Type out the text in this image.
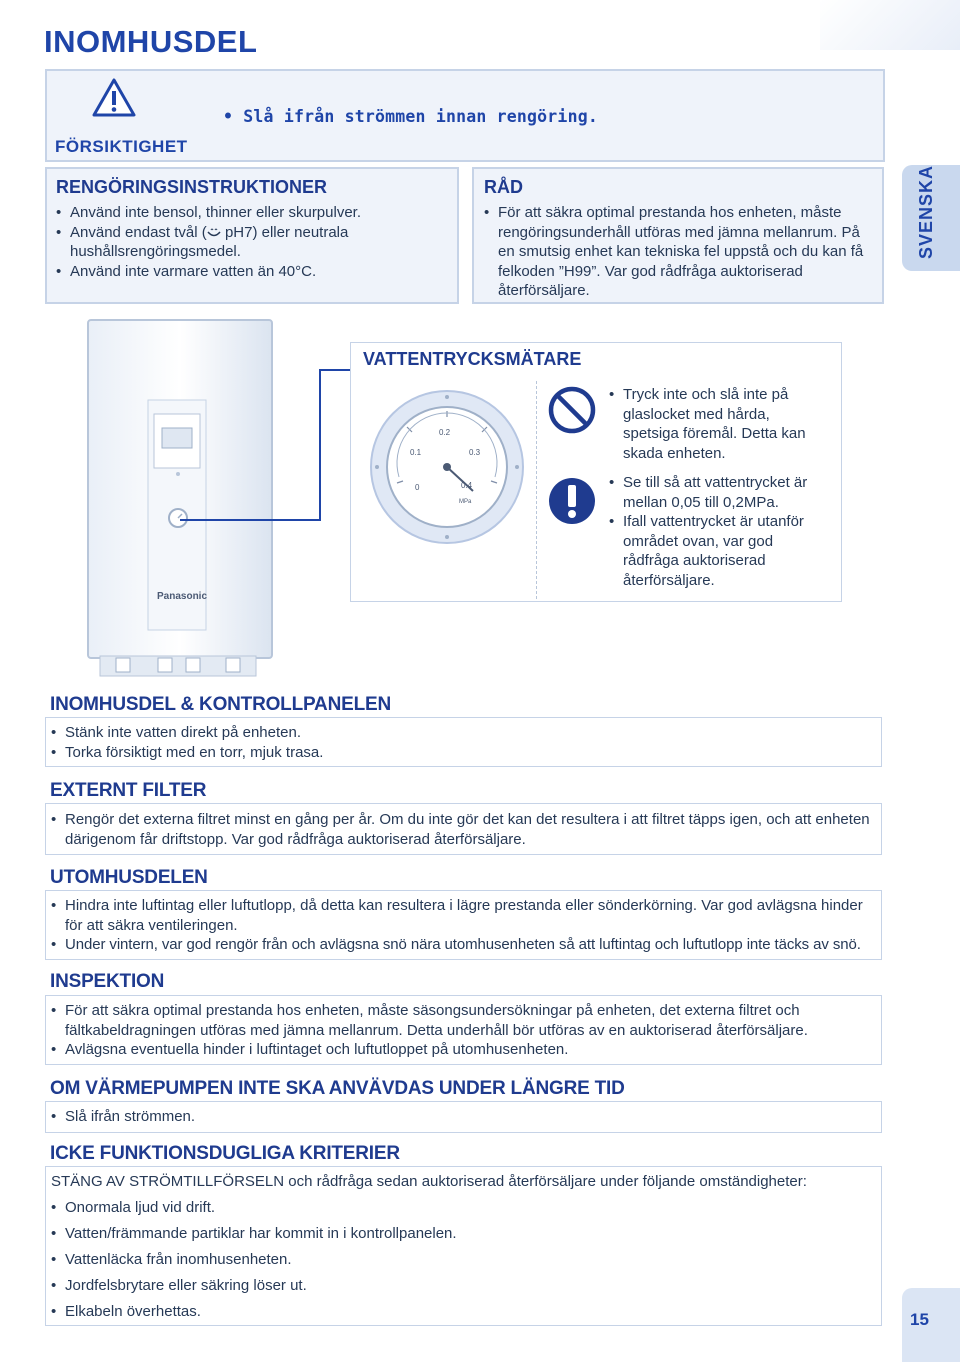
INOMHUSDEL
FÖRSIKTIGHET
• Slå ifrån strömmen innan rengöring.
RENGÖRINGSINSTRUKTIONER
• Använd inte bensol, thinner eller skurpulver.
• Använd endast tvål ( pH7) eller neutrala
hushållsrengöringsmedel.
• Använd inte varmare vatten än 40°C.
RÅD
• För att säkra optimal prestanda hos enheten, måste rengöringsunderhåll utföras med jämna mellanrum. På en smutsig enhet kan tekniska fel uppstå och du kan få felkoden ”H99”. Var god rådfråga auktoriserad återförsäljare.
SVENSKA
Panasonic
VATTENTRYCKSMÄTARE
0.1
0.2
0.3
0.4
0
MPa
• Tryck inte och slå inte på glaslocket med hårda, spetsiga föremål. Detta kan skada enheten.
• Se till så att vattentrycket är mellan 0,05 till 0,2MPa.
• Ifall vattentrycket är utanför området ovan, var god rådfråga auktoriserad återförsäljare.
INOMHUSDEL & KONTROLLPANELEN
• Stänk inte vatten direkt på enheten.
• Torka försiktigt med en torr, mjuk trasa.
EXTERNT FILTER
• Rengör det externa filtret minst en gång per år. Om du inte gör det kan det resultera i att filtret täpps igen, och att enheten därigenom får driftstopp. Var god rådfråga auktoriserad återförsäljare.
UTOMHUSDELEN
• Hindra inte luftintag eller luftutlopp, då detta kan resultera i lägre prestanda eller sönderkörning. Var god avlägsna hinder för att säkra ventileringen.
• Under vintern, var god rengör från och avlägsna snö nära utomhusenheten så att luftintag och luftutlopp inte täcks av snö.
INSPEKTION
• För att säkra optimal prestanda hos enheten, måste säsongsundersökningar på enheten, det externa filtret och fältkabeldragningen utföras med jämna mellanrum. Detta underhåll bör utföras av en auktoriserad återförsäljare.
• Avlägsna eventuella hinder i luftintaget och luftutloppet på utomhusenheten.
OM VÄRMEPUMPEN INTE SKA ANVÄVDAS UNDER LÄNGRE TID
• Slå ifrån strömmen.
ICKE FUNKTIONSDUGLIGA KRITERIER
STÄNG AV STRÖMTILLFÖRSELN och rådfråga sedan auktoriserad återförsäljare under följande omständigheter:
• Onormala ljud vid drift.
• Vatten/främmande partiklar har kommit in i kontrollpanelen.
• Vattenläcka från inomhusenheten.
• Jordfelsbrytare eller säkring löser ut.
• Elkabeln överhettas.	15
